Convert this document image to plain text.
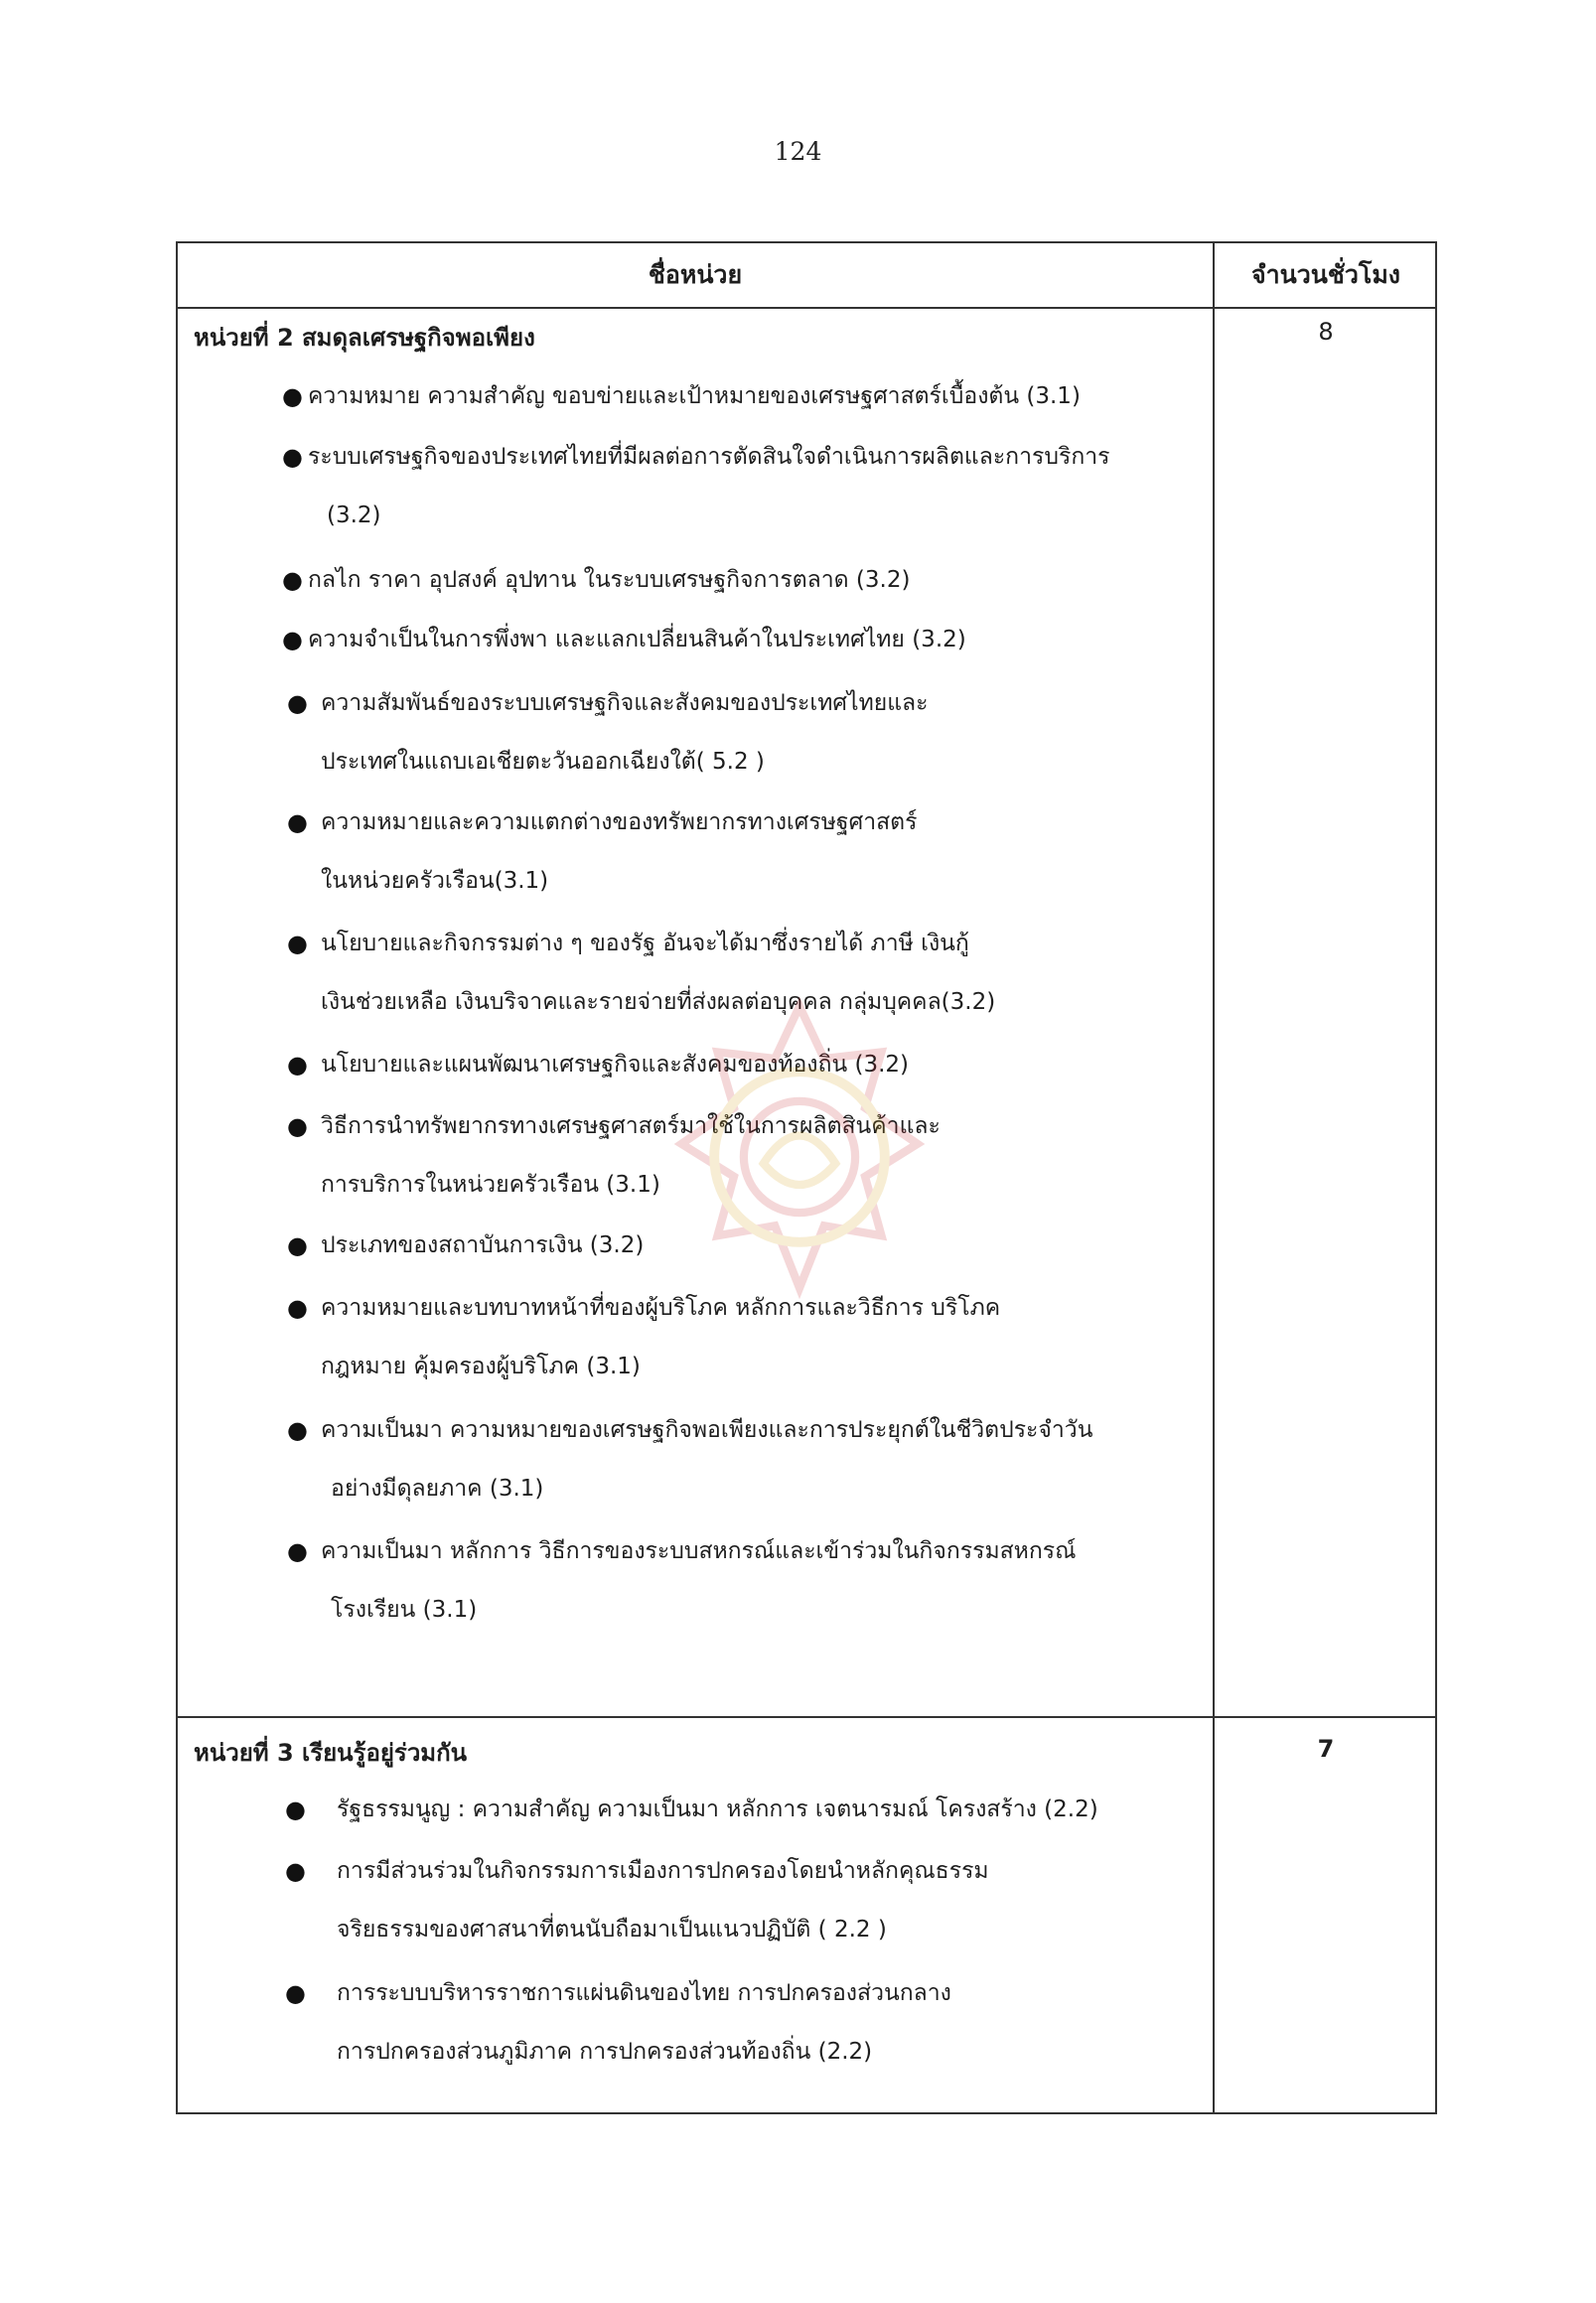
124
ชื่อหน่วย	จำนวนชั่วโมง
หน่วยที่ 2 สมดุลเศรษฐกิจพอเพียง	8
● ความหมาย ความสำคัญ ขอบข่ายและเป้าหมายของเศรษฐศาสตร์เบื้องต้น (3.1)
● ระบบเศรษฐกิจของประเทศไทยที่มีผลต่อการตัดสินใจดำเนินการผลิตและการบริการ
(3.2)
● กลไก ราคา อุปสงค์ อุปทาน ในระบบเศรษฐกิจการตลาด (3.2)
● ความจำเป็นในการพึ่งพา และแลกเปลี่ยนสินค้าในประเทศไทย (3.2)
● ความสัมพันธ์ของระบบเศรษฐกิจและสังคมของประเทศไทยและ
ประเทศในแถบเอเชียตะวันออกเฉียงใต้( 5.2 )
● ความหมายและความแตกต่างของทรัพยากรทางเศรษฐศาสตร์
ในหน่วยครัวเรือน(3.1)
● นโยบายและกิจกรรมต่าง ๆ ของรัฐ อันจะได้มาซึ่งรายได้ ภาษี เงินกู้
เงินช่วยเหลือ เงินบริจาคและรายจ่ายที่ส่งผลต่อบุคคล กลุ่มบุคคล(3.2)
● นโยบายและแผนพัฒนาเศรษฐกิจและสังคมของท้องถิ่น (3.2)
● วิธีการนำทรัพยากรทางเศรษฐศาสตร์มาใช้ในการผลิตสินค้าและ
การบริการในหน่วยครัวเรือน (3.1)
● ประเภทของสถาบันการเงิน (3.2)
● ความหมายและบทบาทหน้าที่ของผู้บริโภค หลักการและวิธีการ บริโภค
กฎหมาย คุ้มครองผู้บริโภค (3.1)
● ความเป็นมา ความหมายของเศรษฐกิจพอเพียงและการประยุกต์ในชีวิตประจำวัน
อย่างมีดุลยภาค (3.1)
● ความเป็นมา หลักการ วิธีการของระบบสหกรณ์และเข้าร่วมในกิจกรรมสหกรณ์
โรงเรียน (3.1)
หน่วยที่ 3 เรียนรู้อยู่ร่วมกัน	7
●	รัฐธรรมนูญ : ความสำคัญ ความเป็นมา หลักการ เจตนารมณ์ โครงสร้าง (2.2)
●	การมีส่วนร่วมในกิจกรรมการเมืองการปกครองโดยนำหลักคุณธรรม
จริยธรรมของศาสนาที่ตนนับถือมาเป็นแนวปฏิบัติ ( 2.2 )
●	การระบบบริหารราชการแผ่นดินของไทย การปกครองส่วนกลาง
การปกครองส่วนภูมิภาค การปกครองส่วนท้องถิ่น (2.2)
